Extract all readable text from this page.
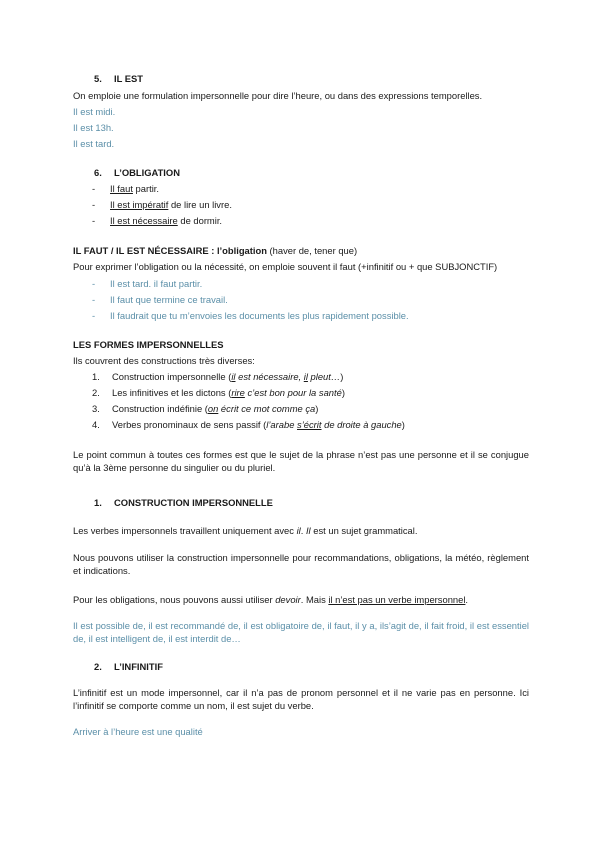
5. IL EST
On emploie une formulation impersonnelle pour dire l’heure, ou dans des expressions temporelles.
Il est midi.
Il est 13h.
Il est tard.
6. L’OBLIGATION
- Il faut partir.
- Il est impératif de lire un livre.
- Il est nécessaire de dormir.
IL FAUT / IL EST NÉCESSAIRE : l’obligation (haver de, tener que)
Pour exprimer l’obligation ou la nécessité, on emploie souvent il faut (+infinitif ou + que SUBJONCTIF)
- Il est tard. il faut partir.
- Il faut que termine ce travail.
- Il faudrait que tu m’envoies les documents les plus rapidement possible.
LES FORMES IMPERSONNELLES
Ils couvrent des constructions très diverses:
1. Construction impersonnelle (il est nécessaire, il pleut…)
2. Les infinitives et les dictons (rire c’est bon pour la santé)
3. Construction indéfinie (on écrit ce mot comme ça)
4. Verbes pronominaux de sens passif (l’arabe s’écrit de droite à gauche)
Le point commun à toutes ces formes est que le sujet de la phrase n’est pas une personne et il se conjugue qu’à la 3ème personne du singulier ou du pluriel.
1. CONSTRUCTION IMPERSONNELLE
Les verbes impersonnels travaillent uniquement avec il. Il est un sujet grammatical.
Nous pouvons utiliser la construction impersonnelle pour recommandations, obligations, la météo, règlement et indications.
Pour les obligations, nous pouvons aussi utiliser devoir. Mais il n’est pas un verbe impersonnel.
Il est possible de, il est recommandé de, il est obligatoire de, il faut, il y a, ils’agit de, il fait froid, il est essentiel de, il est intelligent de, il est interdit de…
2. L’INFINITIF
L’infinitif est un mode impersonnel, car il n’a pas de pronom personnel et il ne varie pas en personne. Ici l’infinitif se comporte comme un nom, il est sujet du verbe.
Arriver à l’heure est une qualité
